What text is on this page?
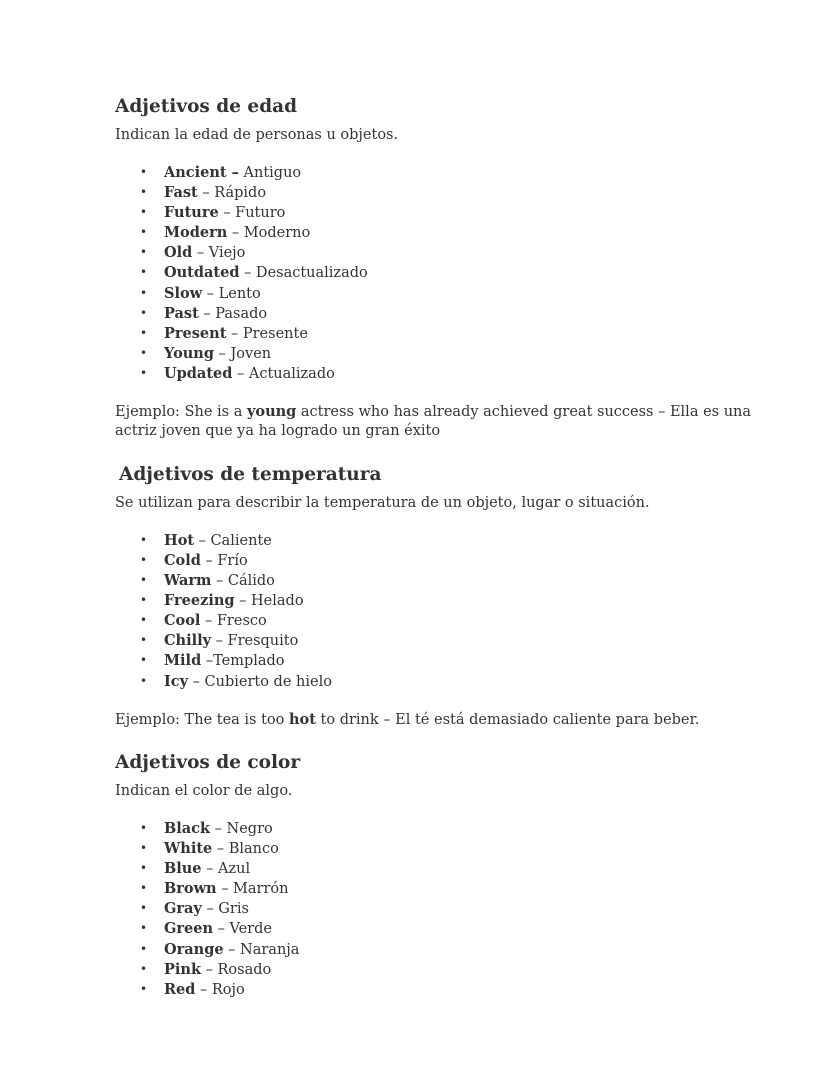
Adjetivos de edad

Indican la edad de personas u objetos.

• Ancient – Antiguo
• Fast – Rápido
• Future – Futuro
• Modern – Moderno
• Old – Viejo
• Outdated – Desactualizado
• Slow – Lento
• Past – Pasado
• Present – Presente
• Young – Joven
• Updated – Actualizado

Ejemplo: She is a young actress who has already achieved great success – Ella es una actriz joven que ya ha logrado un gran éxito

Adjetivos de temperatura

Se utilizan para describir la temperatura de un objeto, lugar o situación.

• Hot – Caliente
• Cold – Frío
• Warm – Cálido
• Freezing – Helado
• Cool – Fresco
• Chilly – Fresquito
• Mild –Templado
• Icy – Cubierto de hielo

Ejemplo: The tea is too hot to drink – El té está demasiado caliente para beber.

Adjetivos de color

Indican el color de algo.

• Black – Negro
• White – Blanco
• Blue – Azul
• Brown – Marrón
• Gray – Gris
• Green – Verde
• Orange – Naranja
• Pink – Rosado
• Red – Rojo
